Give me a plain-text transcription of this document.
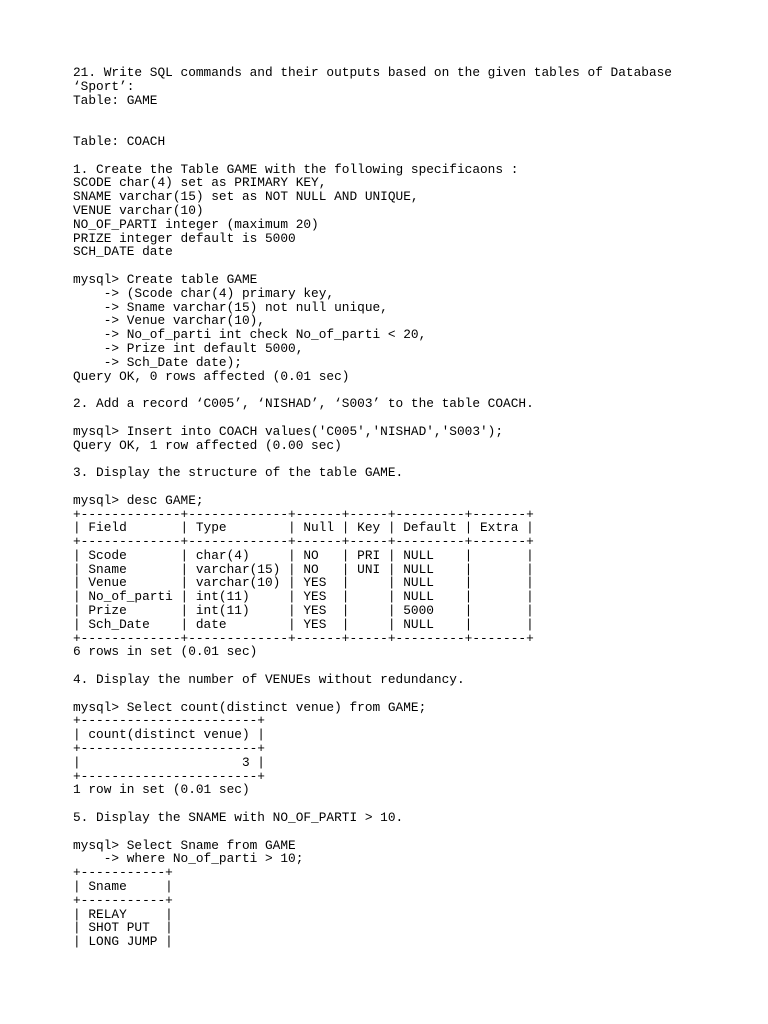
21. Write SQL commands and their outputs based on the given tables of Database
‘Sport’:
Table: GAME
Table: COACH
1. Create the Table GAME with the following specificaons :
SCODE char(4) set as PRIMARY KEY,
SNAME varchar(15) set as NOT NULL AND UNIQUE,
VENUE varchar(10)
NO_OF_PARTI integer (maximum 20)
PRIZE integer default is 5000
SCH_DATE date
mysql> Create table GAME
-> (Scode char(4) primary key,
-> Sname varchar(15) not null unique,
-> Venue varchar(10),
-> No_of_parti int check No_of_parti < 20,
-> Prize int default 5000,
-> Sch_Date date);
Query OK, 0 rows affected (0.01 sec)
2. Add a record ‘C005’, ‘NISHAD’, ‘S003’ to the table COACH.
mysql> Insert into COACH values('C005','NISHAD','S003');
Query OK, 1 row affected (0.00 sec)
3. Display the structure of the table GAME.
mysql> desc GAME;
+-------------+-------------+------+-----+---------+-------+
| Field       | Type        | Null | Key | Default | Extra |
+-------------+-------------+------+-----+---------+-------+
| Scode       | char(4)     | NO   | PRI | NULL    |       |
| Sname       | varchar(15) | NO   | UNI | NULL    |       |
| Venue       | varchar(10) | YES  |     | NULL    |       |
| No_of_parti | int(11)     | YES  |     | NULL    |       |
| Prize       | int(11)     | YES  |     | 5000    |       |
| Sch_Date    | date        | YES  |     | NULL    |       |
+-------------+-------------+------+-----+---------+-------+
6 rows in set (0.01 sec)
4. Display the number of VENUEs without redundancy.
mysql> Select count(distinct venue) from GAME;
+-----------------------+
| count(distinct venue) |
+-----------------------+
|                     3 |
+-----------------------+
1 row in set (0.01 sec)
5. Display the SNAME with NO_OF_PARTI > 10.
mysql> Select Sname from GAME
-> where No_of_parti > 10;
+-----------+
| Sname     |
+-----------+
| RELAY     |
| SHOT PUT  |
| LONG JUMP |
